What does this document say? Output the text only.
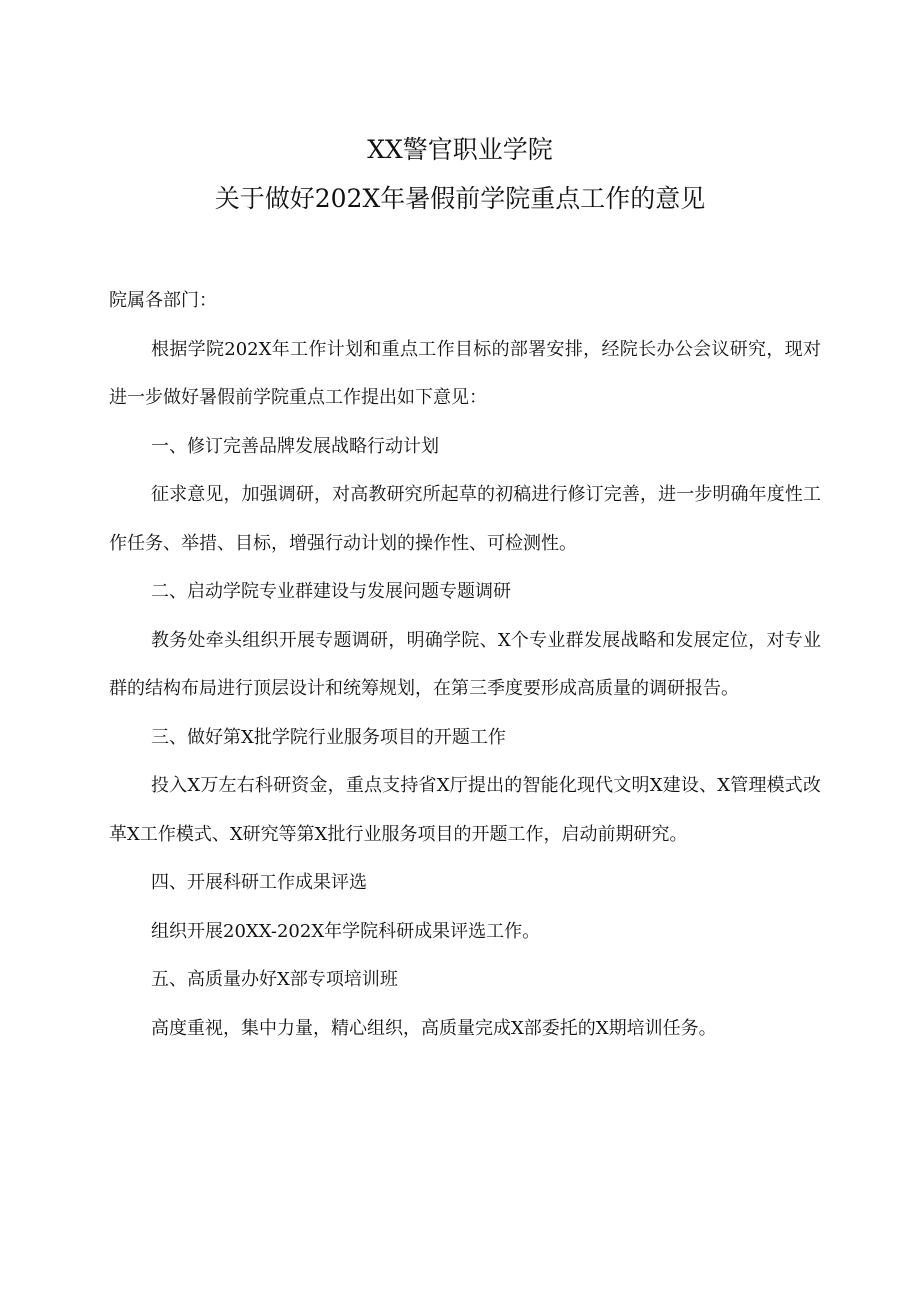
XX警官职业学院
关于做好202X年暑假前学院重点工作的意见

院属各部门：

根据学院202X年工作计划和重点工作目标的部署安排，经院长办公会议研究，现对进一步做好暑假前学院重点工作提出如下意见：

一、修订完善品牌发展战略行动计划

征求意见，加强调研，对高教研究所起草的初稿进行修订完善，进一步明确年度性工作任务、举措、目标，增强行动计划的操作性、可检测性。

二、启动学院专业群建设与发展问题专题调研

教务处牵头组织开展专题调研，明确学院、X个专业群发展战略和发展定位，对专业群的结构布局进行顶层设计和统筹规划，在第三季度要形成高质量的调研报告。

三、做好第X批学院行业服务项目的开题工作

投入X万左右科研资金，重点支持省X厅提出的智能化现代文明X建设、X管理模式改革X工作模式、X研究等第X批行业服务项目的开题工作，启动前期研究。

四、开展科研工作成果评选

组织开展20XX-202X年学院科研成果评选工作。

五、高质量办好X部专项培训班

高度重视，集中力量，精心组织，高质量完成X部委托的X期培训任务。
